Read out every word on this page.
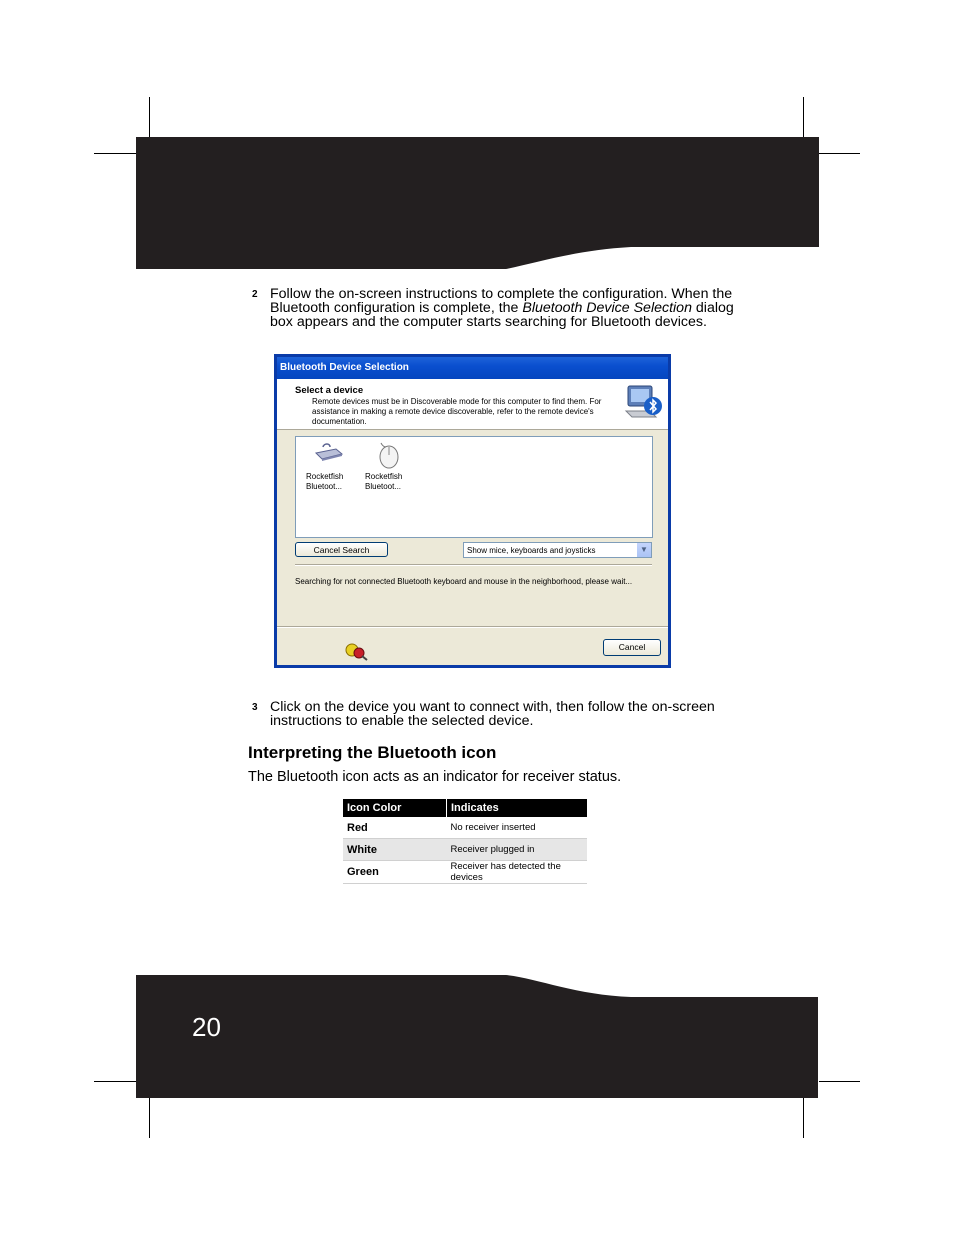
2 Follow the on-screen instructions to complete the configuration. When the Bluetooth configuration is complete, the Bluetooth Device Selection dialog box appears and the computer starts searching for Bluetooth devices.
Bluetooth Device Selection
Select a device
Remote devices must be in Discoverable mode for this computer to find them. For assistance in making a remote device discoverable, refer to the remote device's documentation.
Rocketfish
Bluetoot...
Rocketfish
Bluetoot...
Cancel Search	Show mice, keyboards and joysticks	▼
Searching for not connected Bluetooth keyboard and mouse in the neighborhood, please wait...
Cancel
3 Click on the device you want to connect with, then follow the on-screen instructions to enable the selected device.
Interpreting the Bluetooth icon

The Bluetooth icon acts as an indicator for receiver status.

Icon Color	Indicates
Red	No receiver inserted
White	Receiver plugged in
Green	Receiver has detected the devices
20
